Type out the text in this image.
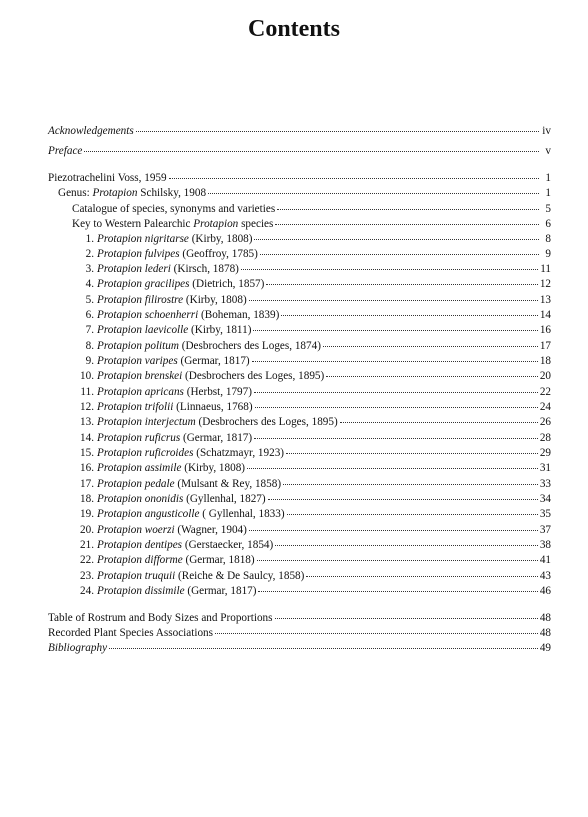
Contents
Acknowledgements	iv
Preface	v
Piezotrachelini Voss, 1959	1
Genus: Protapion Schilsky, 1908	1
Catalogue of species, synonyms and varieties	5
Key to Western Palearchic Protapion species	6
1. Protapion nigritarse (Kirby, 1808)	8
2. Protapion fulvipes (Geoffroy, 1785)	9
3. Protapion lederi (Kirsch, 1878)	11
4. Protapion gracilipes (Dietrich, 1857)	12
5. Protapion filirostre (Kirby, 1808)	13
6. Protapion schoenherri (Boheman, 1839)	14
7. Protapion laevicolle (Kirby, 1811)	16
8. Protapion politum (Desbrochers des Loges, 1874)	17
9. Protapion varipes (Germar, 1817)	18
10. Protapion brenskei (Desbrochers des Loges, 1895)	20
11. Protapion apricans (Herbst, 1797)	22
12. Protapion trifolii (Linnaeus, 1768)	24
13. Protapion interjectum (Desbrochers des Loges, 1895)	26
14. Protapion ruficrus (Germar, 1817)	28
15. Protapion ruficroides (Schatzmayr, 1923)	29
16. Protapion assimile (Kirby, 1808)	31
17. Protapion pedale (Mulsant & Rey, 1858)	33
18. Protapion ononidis (Gyllenhal, 1827)	34
19. Protapion angusticolle ( Gyllenhal, 1833)	35
20. Protapion woerzi (Wagner, 1904)	37
21. Protapion dentipes (Gerstaecker, 1854)	38
22. Protapion difforme (Germar, 1818)	41
23. Protapion truquii (Reiche & De Saulcy, 1858)	43
24. Protapion dissimile (Germar, 1817)	46
Table of Rostrum and Body Sizes and Proportions	48
Recorded Plant Species Associations	48
Bibliography	49
